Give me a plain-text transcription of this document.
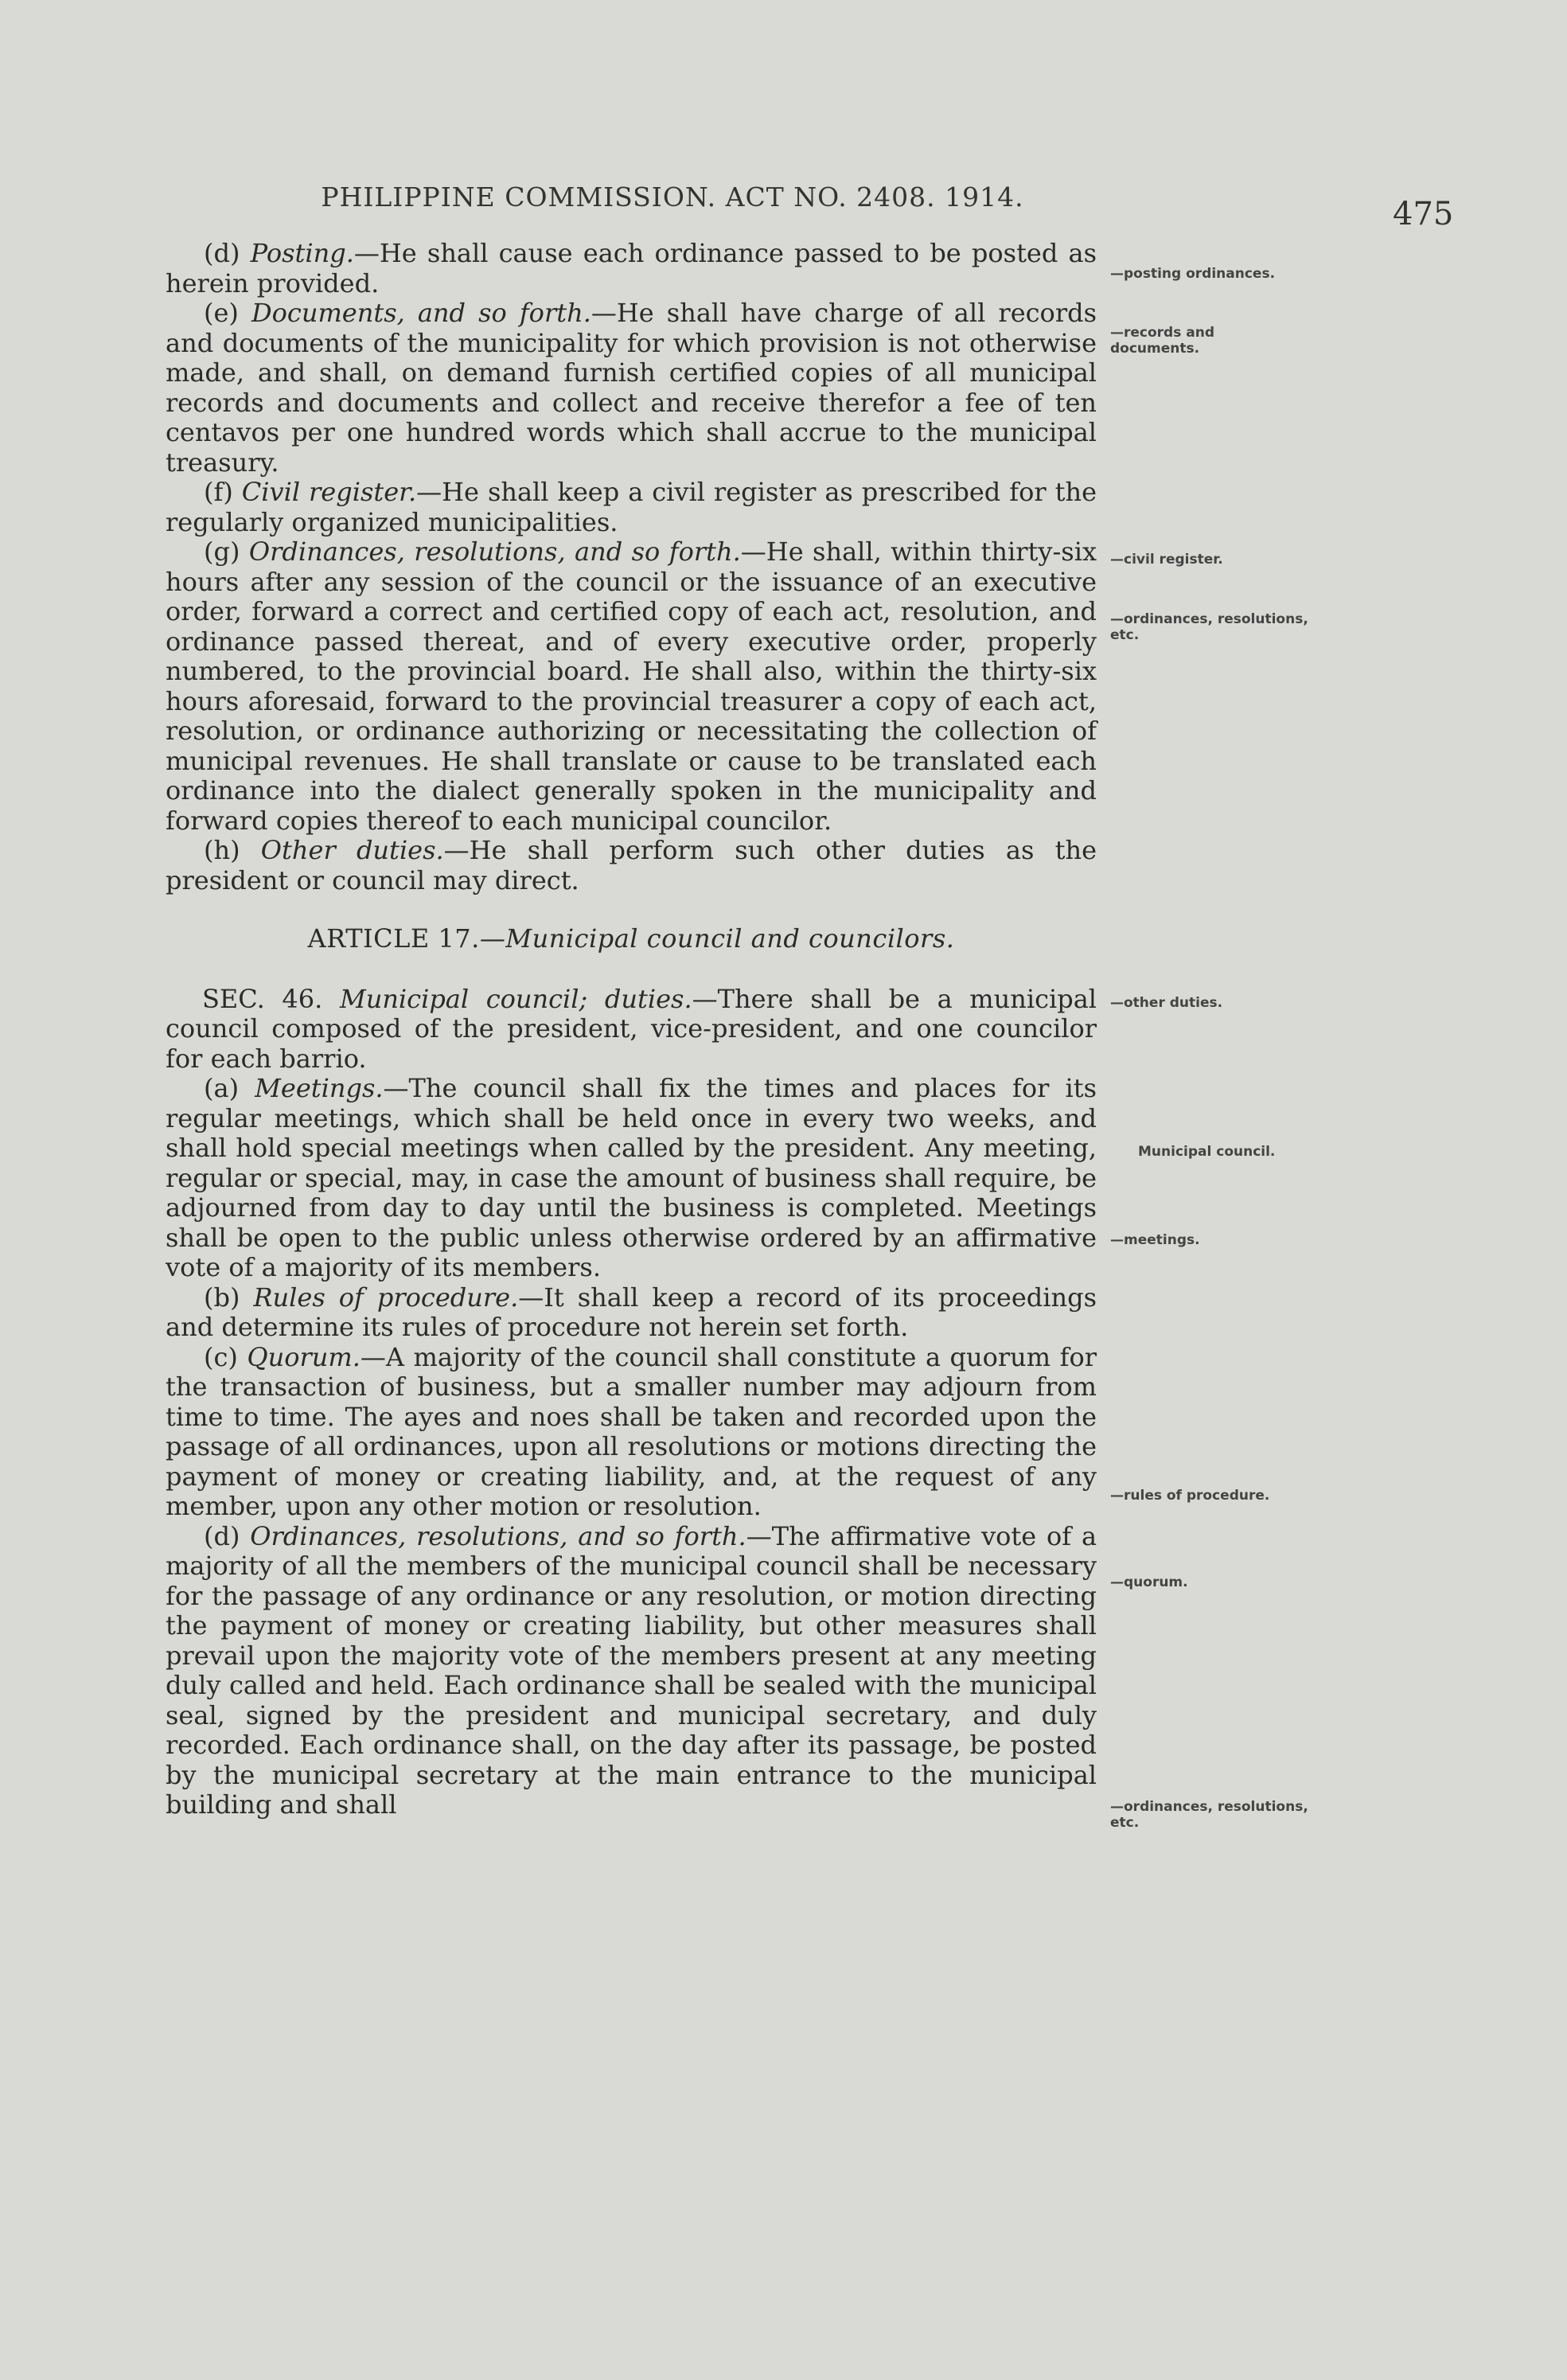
PHILIPPINE COMMISSION. ACT NO. 2408. 1914.	475

(d) Posting.—He shall cause each ordinance passed to be posted as herein provided.

(e) Documents, and so forth.—He shall have charge of all records and documents of the municipality for which provision is not otherwise made, and shall, on demand furnish certified copies of all municipal records and documents and collect and receive therefor a fee of ten centavos per one hundred words which shall accrue to the municipal treasury.

(f) Civil register.—He shall keep a civil register as prescribed for the regularly organized municipalities.

(g) Ordinances, resolutions, and so forth.—He shall, within thirty-six hours after any session of the council or the issuance of an executive order, forward a correct and certified copy of each act, resolution, and ordinance passed thereat, and of every executive order, properly numbered, to the provincial board. He shall also, within the thirty-six hours aforesaid, forward to the provincial treasurer a copy of each act, resolution, or ordinance authorizing or necessitating the collection of municipal revenues. He shall translate or cause to be translated each ordinance into the dialect generally spoken in the municipality and forward copies thereof to each municipal councilor.

(h) Other duties.—He shall perform such other duties as the president or council may direct.

ARTICLE 17.—Municipal council and councilors.

SEC. 46. Municipal council; duties.—There shall be a municipal council composed of the president, vice-president, and one councilor for each barrio.

(a) Meetings.—The council shall fix the times and places for its regular meetings, which shall be held once in every two weeks, and shall hold special meetings when called by the president. Any meeting, regular or special, may, in case the amount of business shall require, be adjourned from day to day until the business is completed. Meetings shall be open to the public unless otherwise ordered by an affirmative vote of a majority of its members.

(b) Rules of procedure.—It shall keep a record of its proceedings and determine its rules of procedure not herein set forth.

(c) Quorum.—A majority of the council shall constitute a quorum for the transaction of business, but a smaller number may adjourn from time to time. The ayes and noes shall be taken and recorded upon the passage of all ordinances, upon all resolutions or motions directing the payment of money or creating liability, and, at the request of any member, upon any other motion or resolution.

(d) Ordinances, resolutions, and so forth.—The affirmative vote of a majority of all the members of the municipal council shall be necessary for the passage of any ordinance or any resolution, or motion directing the payment of money or creating liability, but other measures shall prevail upon the majority vote of the members present at any meeting duly called and held. Each ordinance shall be sealed with the municipal seal, signed by the president and municipal secretary, and duly recorded. Each ordinance shall, on the day after its passage, be posted by the municipal secretary at the main entrance to the municipal building and shall

—posting ordinances.
—records and documents.
—civil register.
—ordinances, resolutions, etc.
—other duties.
Municipal council.
—meetings.
—rules of procedure.
—quorum.
—ordinances, resolutions, etc.
